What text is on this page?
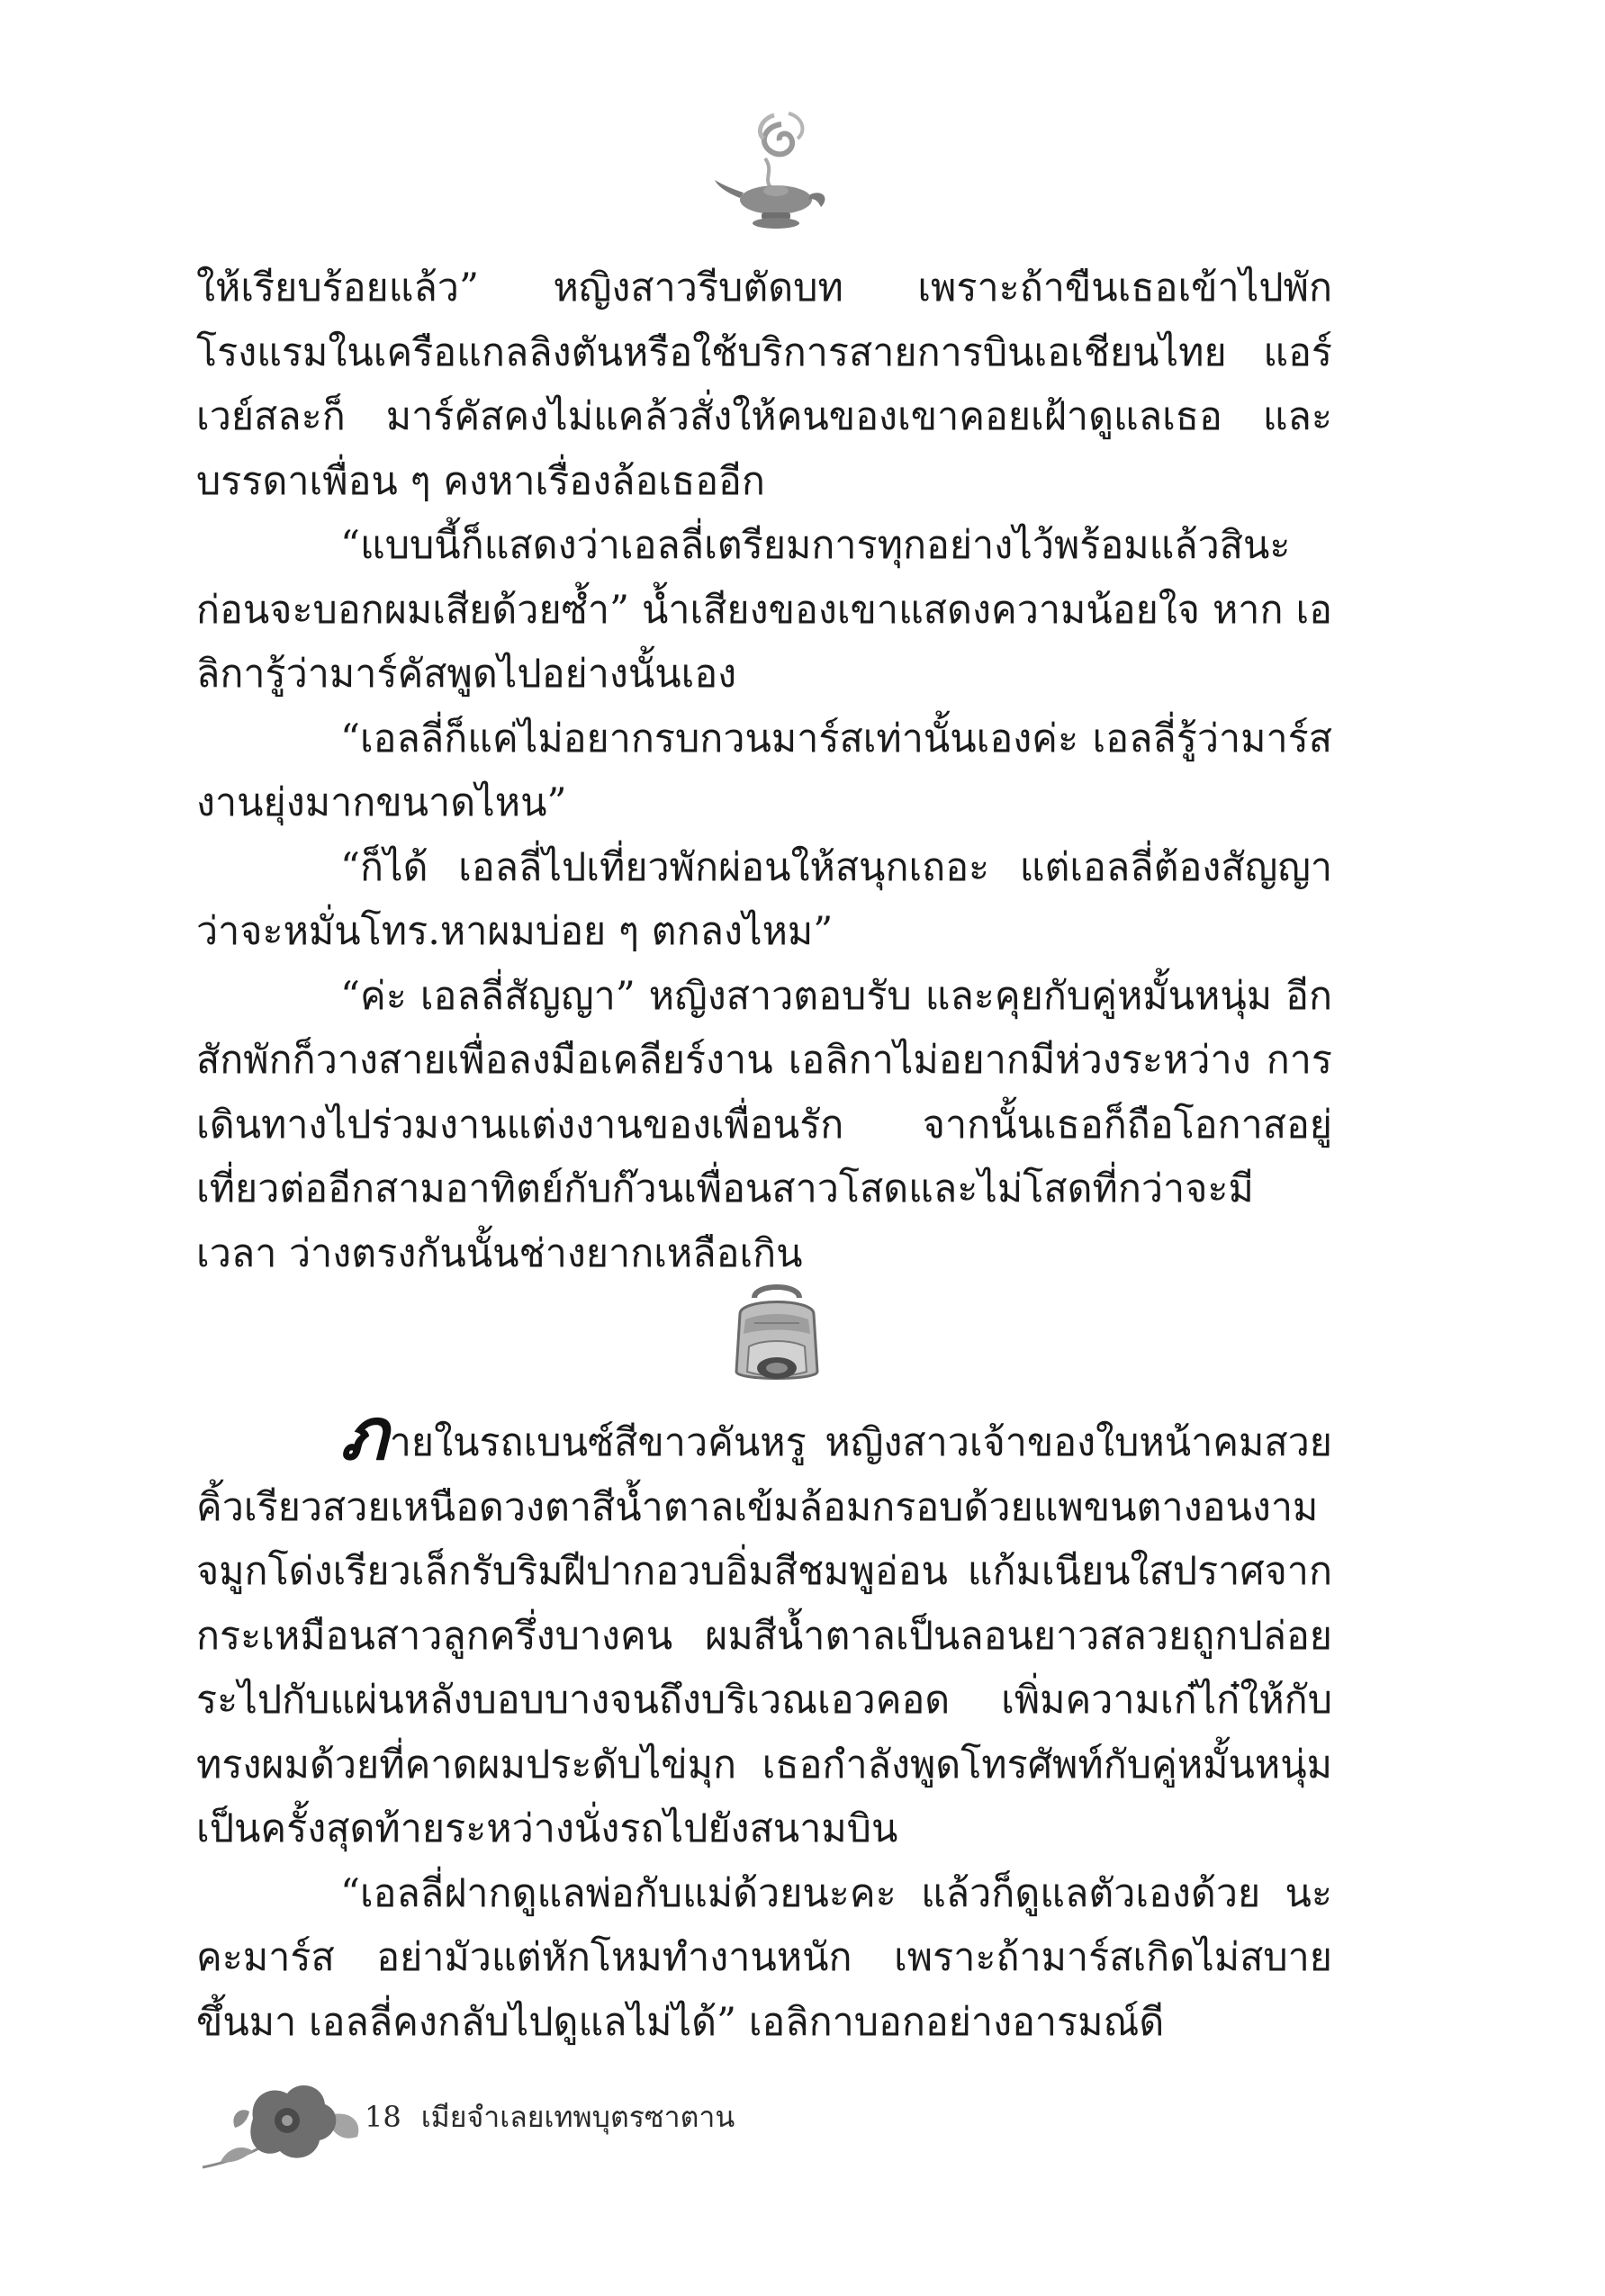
ให้เรียบร้อยแล้ว” หญิงสาวรีบตัดบท เพราะถ้าขืนเธอเข้าไปพักโรงแรมในเครือแกลลิงตันหรือใช้บริการสายการบินเอเชียนไทย แอร์เวย์สละก็ มาร์คัสคงไม่แคล้วสั่งให้คนของเขาคอยเฝ้าดูแลเธอ และบรรดาเพื่อน ๆ คงหาเรื่องล้อเธออีก

“แบบนี้ก็แสดงว่าเอลลี่เตรียมการทุกอย่างไว้พร้อมแล้วสินะ ก่อนจะบอกผมเสียด้วยซ้ำ” น้ำเสียงของเขาแสดงความน้อยใจ หาก เอลิการู้ว่ามาร์คัสพูดไปอย่างนั้นเอง

“เอลลี่ก็แค่ไม่อยากรบกวนมาร์สเท่านั้นเองค่ะ เอลลี่รู้ว่ามาร์ส งานยุ่งมากขนาดไหน”

“ก็ได้ เอลลี่ไปเที่ยวพักผ่อนให้สนุกเถอะ แต่เอลลี่ต้องสัญญา ว่าจะหมั่นโทร.หาผมบ่อย ๆ ตกลงไหม”

“ค่ะ เอลลี่สัญญา” หญิงสาวตอบรับ และคุยกับคู่หมั้นหนุ่ม อีกสักพักก็วางสายเพื่อลงมือเคลียร์งาน เอลิกาไม่อยากมีห่วงระหว่าง การเดินทางไปร่วมงานแต่งงานของเพื่อนรัก จากนั้นเธอก็ถือโอกาสอยู่ เที่ยวต่ออีกสามอาทิตย์กับก๊วนเพื่อนสาวโสดและไม่โสดที่กว่าจะมีเวลา ว่างตรงกันนั้นช่างยากเหลือเกิน

ภายในรถเบนซ์สีขาวคันหรู หญิงสาวเจ้าของใบหน้าคมสวย คิ้วเรียวสวยเหนือดวงตาสีน้ำตาลเข้มล้อมกรอบด้วยแพขนตางอนงาม จมูกโด่งเรียวเล็กรับริมฝีปากอวบอิ่มสีชมพูอ่อน แก้มเนียนใสปราศจาก กระเหมือนสาวลูกครึ่งบางคน ผมสีน้ำตาลเป็นลอนยาวสลวยถูกปล่อย ระไปกับแผ่นหลังบอบบางจนถึงบริเวณเอวคอด เพิ่มความเก๋ไก๋ให้กับ ทรงผมด้วยที่คาดผมประดับไข่มุก เธอกำลังพูดโทรศัพท์กับคู่หมั้นหนุ่ม เป็นครั้งสุดท้ายระหว่างนั่งรถไปยังสนามบิน

“เอลลี่ฝากดูแลพ่อกับแม่ด้วยนะคะ แล้วก็ดูแลตัวเองด้วย นะคะมาร์ส อย่ามัวแต่หักโหมทำงานหนัก เพราะถ้ามาร์สเกิดไม่สบาย ขึ้นมา เอลลี่คงกลับไปดูแลไม่ได้” เอลิกาบอกอย่างอารมณ์ดี

18 เมียจำเลยเทพบุตรซาตาน
